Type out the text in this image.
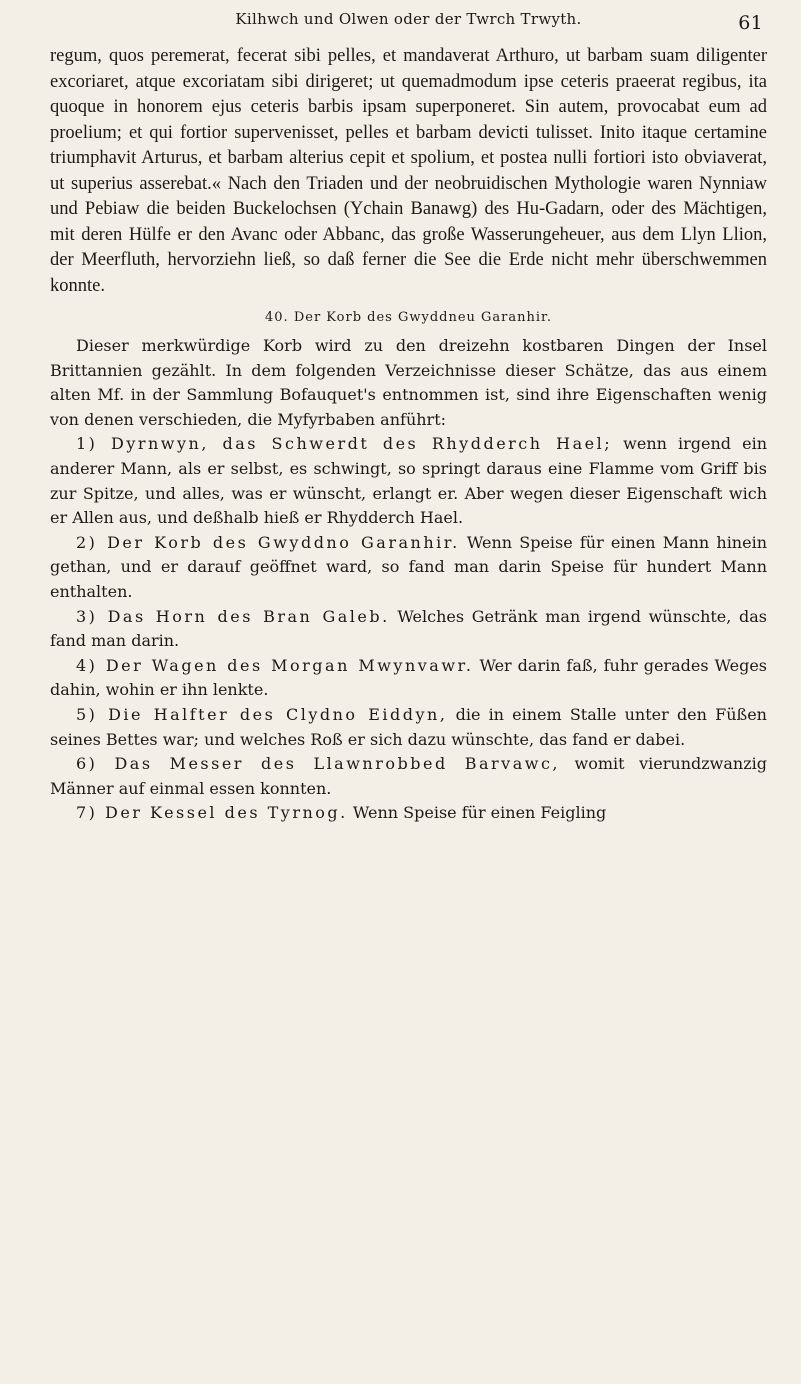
Kilhwch und Olwen oder der Twrch Trwyth.	61

regum, quos peremerat, fecerat sibi pelles, et mandaverat Arthuro, ut barbam suam diligenter excoriaret, atque excoriatam sibi dirigeret; ut quemadmodum ipse ceteris praeerat regibus, ita quoque in honorem ejus ceteris barbis ipsam superponeret. Sin autem, provocabat eum ad proelium; et qui fortior supervenisset, pelles et barbam devicti tulisset. Inito itaque certamine triumphavit Arturus, et barbam alterius cepit et spolium, et postea nulli fortiori isto obviaverat, ut superius asserebat.« Nach den Triaden und der neobruidischen Mythologie waren Nynniaw und Pebiaw die beiden Buckelochsen (Ychain Banawg) des Hu-Gadarn, oder des Mächtigen, mit deren Hülfe er den Avanc oder Abbanc, das große Wasserungeheuer, aus dem Llyn Llion, der Meerfluth, hervorziehn ließ, so daß ferner die See die Erde nicht mehr überschwemmen konnte.

40. Der Korb des Gwyddneu Garanhir.

Dieser merkwürdige Korb wird zu den dreizehn kostbaren Dingen der Insel Brittannien gezählt. In dem folgenden Verzeichnisse dieser Schätze, das aus einem alten Mf. in der Sammlung Bofauquet's entnommen ist, sind ihre Eigenschaften wenig von denen verschieden, die Myfyrbaben anführt:

1) Dyrnwyn, das Schwerdt des Rhydderch Hael; wenn irgend ein anderer Mann, als er selbst, es schwingt, so springt daraus eine Flamme vom Griff bis zur Spitze, und alles, was er wünscht, erlangt er. Aber wegen dieser Eigenschaft wich er Allen aus, und deßhalb hieß er Rhydderch Hael.

2) Der Korb des Gwyddno Garanhir. Wenn Speise für einen Mann hinein gethan, und er darauf geöffnet ward, so fand man darin Speise für hundert Mann enthalten.

3) Das Horn des Bran Galeb. Welches Getränk man irgend wünschte, das fand man darin.

4) Der Wagen des Morgan Mwynvawr. Wer darin faß, fuhr gerades Weges dahin, wohin er ihn lenkte.

5) Die Halfter des Clydno Eiddyn, die in einem Stalle unter den Füßen seines Bettes war; und welches Roß er sich dazu wünschte, das fand er dabei.

6) Das Messer des Llawnrobbed Barvawc, womit vierundzwanzig Männer auf einmal essen konnten.

7) Der Kessel des Tyrnog. Wenn Speise für einen Feigling
